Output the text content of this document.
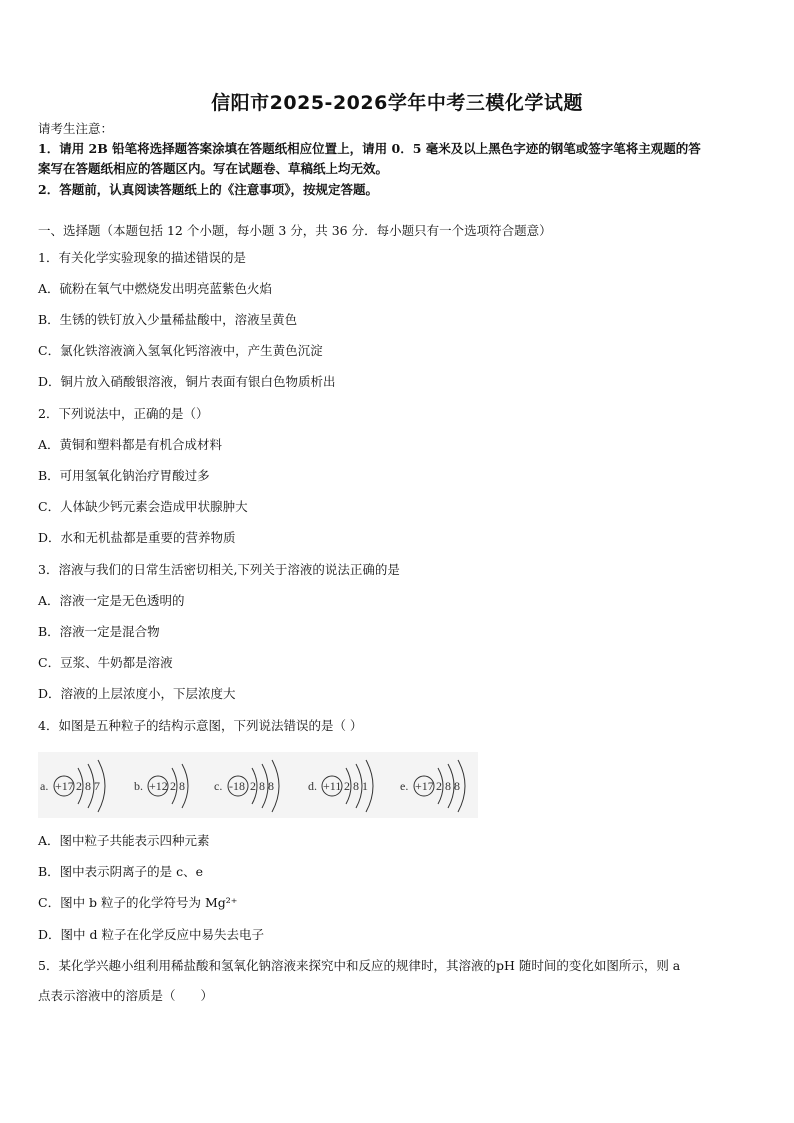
信阳市2025-2026学年中考三模化学试题
请考生注意：
1．请用 2B 铅笔将选择题答案涂填在答题纸相应位置上，请用 0．5 毫米及以上黑色字迹的钢笔或签字笔将主观题的答
案写在答题纸相应的答题区内。写在试题卷、草稿纸上均无效。
2．答题前，认真阅读答题纸上的《注意事项》，按规定答题。
一、选择题（本题包括 12 个小题，每小题 3 分，共 36 分．每小题只有一个选项符合题意）
1．有关化学实验现象的描述错误的是
A．硫粉在氧气中燃烧发出明亮蓝紫色火焰
B．生锈的铁钉放入少量稀盐酸中，溶液呈黄色
C．氯化铁溶液滴入氢氧化钙溶液中，产生黄色沉淀
D．铜片放入硝酸银溶液，铜片表面有银白色物质析出
2．下列说法中，正确的是（）
A．黄铜和塑料都是有机合成材料
B．可用氢氧化钠治疗胃酸过多
C．人体缺少钙元素会造成甲状腺肿大
D．水和无机盐都是重要的营养物质
3．溶液与我们的日常生活密切相关,下列关于溶液的说法正确的是
A．溶液一定是无色透明的
B．溶液一定是混合物
C．豆浆、牛奶都是溶液
D．溶液的上层浓度小，下层浓度大
4．如图是五种粒子的结构示意图，下列说法错误的是（ ）
a. +17 2 8 7	b. +12 2 8 c. -18 2 8 8	d. +11 2 8 1	e. +17 2 8 8
A．图中粒子共能表示四种元素
B．图中表示阴离子的是 c、e
C．图中 b 粒子的化学符号为 Mg²⁺
D．图中 d 粒子在化学反应中易失去电子
5．某化学兴趣小组利用稀盐酸和氢氧化钠溶液来探究中和反应的规律时，其溶液的pH 随时间的变化如图所示，则 a
点表示溶液中的溶质是（　　）
